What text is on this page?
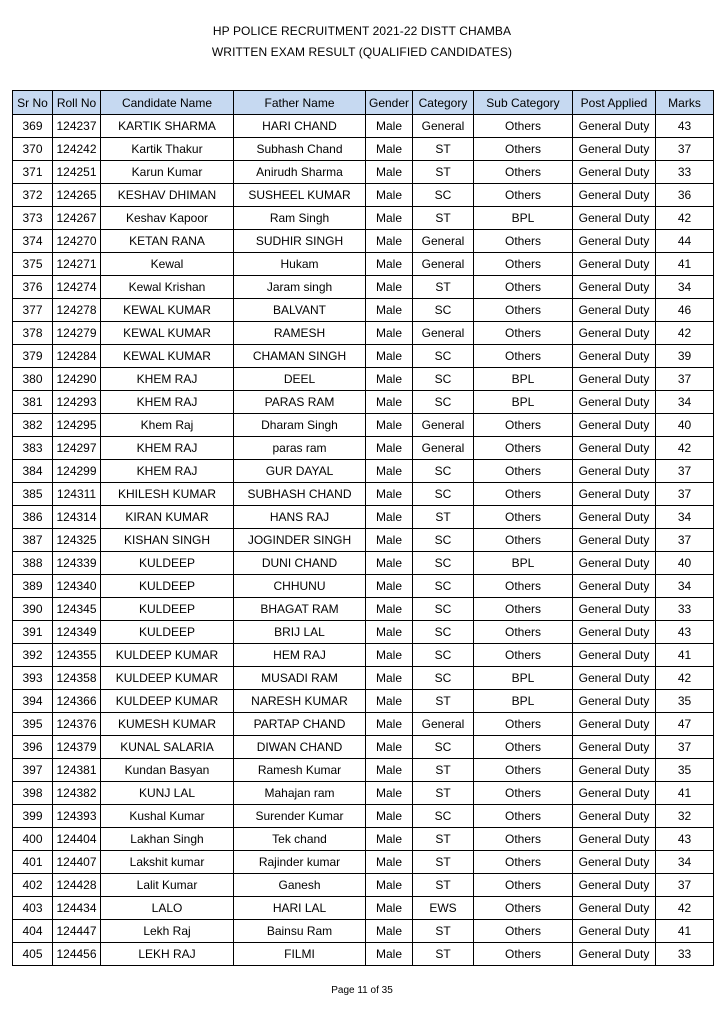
HP POLICE RECRUITMENT 2021-22 DISTT CHAMBA
WRITTEN EXAM RESULT (QUALIFIED CANDIDATES)
Sr No	Roll No	Candidate Name	Father Name	Gender	Category	Sub Category	Post Applied	Marks
369	124237	KARTIK SHARMA	HARI CHAND	Male	General	Others	General Duty	43
370	124242	Kartik Thakur	Subhash Chand	Male	ST	Others	General Duty	37
371	124251	Karun Kumar	Anirudh Sharma	Male	ST	Others	General Duty	33
372	124265	KESHAV DHIMAN	SUSHEEL KUMAR	Male	SC	Others	General Duty	36
373	124267	Keshav Kapoor	Ram Singh	Male	ST	BPL	General Duty	42
374	124270	KETAN RANA	SUDHIR SINGH	Male	General	Others	General Duty	44
375	124271	Kewal	Hukam	Male	General	Others	General Duty	41
376	124274	Kewal Krishan	Jaram singh	Male	ST	Others	General Duty	34
377	124278	KEWAL KUMAR	BALVANT	Male	SC	Others	General Duty	46
378	124279	KEWAL KUMAR	RAMESH	Male	General	Others	General Duty	42
379	124284	KEWAL KUMAR	CHAMAN SINGH	Male	SC	Others	General Duty	39
380	124290	KHEM RAJ	DEEL	Male	SC	BPL	General Duty	37
381	124293	KHEM RAJ	PARAS RAM	Male	SC	BPL	General Duty	34
382	124295	Khem Raj	Dharam Singh	Male	General	Others	General Duty	40
383	124297	KHEM RAJ	paras ram	Male	General	Others	General Duty	42
384	124299	KHEM RAJ	GUR DAYAL	Male	SC	Others	General Duty	37
385	124311	KHILESH KUMAR	SUBHASH CHAND	Male	SC	Others	General Duty	37
386	124314	KIRAN KUMAR	HANS RAJ	Male	ST	Others	General Duty	34
387	124325	KISHAN SINGH	JOGINDER SINGH	Male	SC	Others	General Duty	37
388	124339	KULDEEP	DUNI CHAND	Male	SC	BPL	General Duty	40
389	124340	KULDEEP	CHHUNU	Male	SC	Others	General Duty	34
390	124345	KULDEEP	BHAGAT RAM	Male	SC	Others	General Duty	33
391	124349	KULDEEP	BRIJ LAL	Male	SC	Others	General Duty	43
392	124355	KULDEEP KUMAR	HEM RAJ	Male	SC	Others	General Duty	41
393	124358	KULDEEP KUMAR	MUSADI RAM	Male	SC	BPL	General Duty	42
394	124366	KULDEEP KUMAR	NARESH KUMAR	Male	ST	BPL	General Duty	35
395	124376	KUMESH KUMAR	PARTAP CHAND	Male	General	Others	General Duty	47
396	124379	KUNAL SALARIA	DIWAN CHAND	Male	SC	Others	General Duty	37
397	124381	Kundan Basyan	Ramesh Kumar	Male	ST	Others	General Duty	35
398	124382	KUNJ LAL	Mahajan ram	Male	ST	Others	General Duty	41
399	124393	Kushal Kumar	Surender Kumar	Male	SC	Others	General Duty	32
400	124404	Lakhan Singh	Tek chand	Male	ST	Others	General Duty	43
401	124407	Lakshit kumar	Rajinder kumar	Male	ST	Others	General Duty	34
402	124428	Lalit Kumar	Ganesh	Male	ST	Others	General Duty	37
403	124434	LALO	HARI LAL	Male	EWS	Others	General Duty	42
404	124447	Lekh Raj	Bainsu Ram	Male	ST	Others	General Duty	41
405	124456	LEKH RAJ	FILMI	Male	ST	Others	General Duty	33
Page 11 of 35
